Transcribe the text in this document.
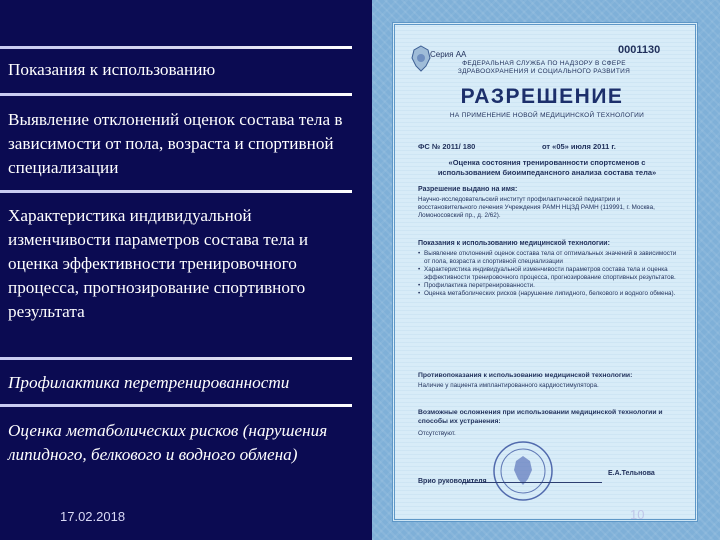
Показания к использованию
Выявление отклонений оценок состава тела в зависимости от пола, возраста и спортивной специализации
Характеристика индивидуальной изменчивости параметров состава тела и оценка эффективности тренировочного процесса, прогнозирование спортивного результата
Профилактика перетренированности
Оценка метаболических рисков (нарушения липидного, белкового и водного обмена)
17.02.2018
Серия АА	0001130
ФЕДЕРАЛЬНАЯ СЛУЖБА ПО НАДЗОРУ В СФЕРЕ ЗДРАВООХРАНЕНИЯ И СОЦИАЛЬНОГО РАЗВИТИЯ
РАЗРЕШЕНИЕ
НА ПРИМЕНЕНИЕ НОВОЙ МЕДИЦИНСКОЙ ТЕХНОЛОГИИ
ФС № 2011/ 180	от «05» июля 2011 г.
«Оценка состояния тренированности спортсменов с использованием биоимпедансного анализа состава тела»
Разрешение выдано на имя:
Научно-исследовательский институт профилактической педиатрии и восстановительного лечения Учреждения РАМН НЦЗД РАМН (119991, г. Москва, Ломоносовский пр., д. 2/62).
Показания к использованию медицинской технологии:
• Выявление отклонений оценок состава тела от оптимальных значений в зависимости от пола, возраста и спортивной специализации
• Характеристика индивидуальной изменчивости параметров состава тела и оценка эффективности тренировочного процесса, прогнозирование спортивных результатов.
• Профилактика перетренированности.
• Оценка метаболических рисков (нарушение липидного, белкового и водного обмена).
Противопоказания к использованию медицинской технологии:
Наличие у пациента имплантированного кардиостимулятора.
Возможные осложнения при использовании медицинской технологии и способы их устранения:
Отсутствуют.
Врио руководителя
Е.А.Тельнова
10
